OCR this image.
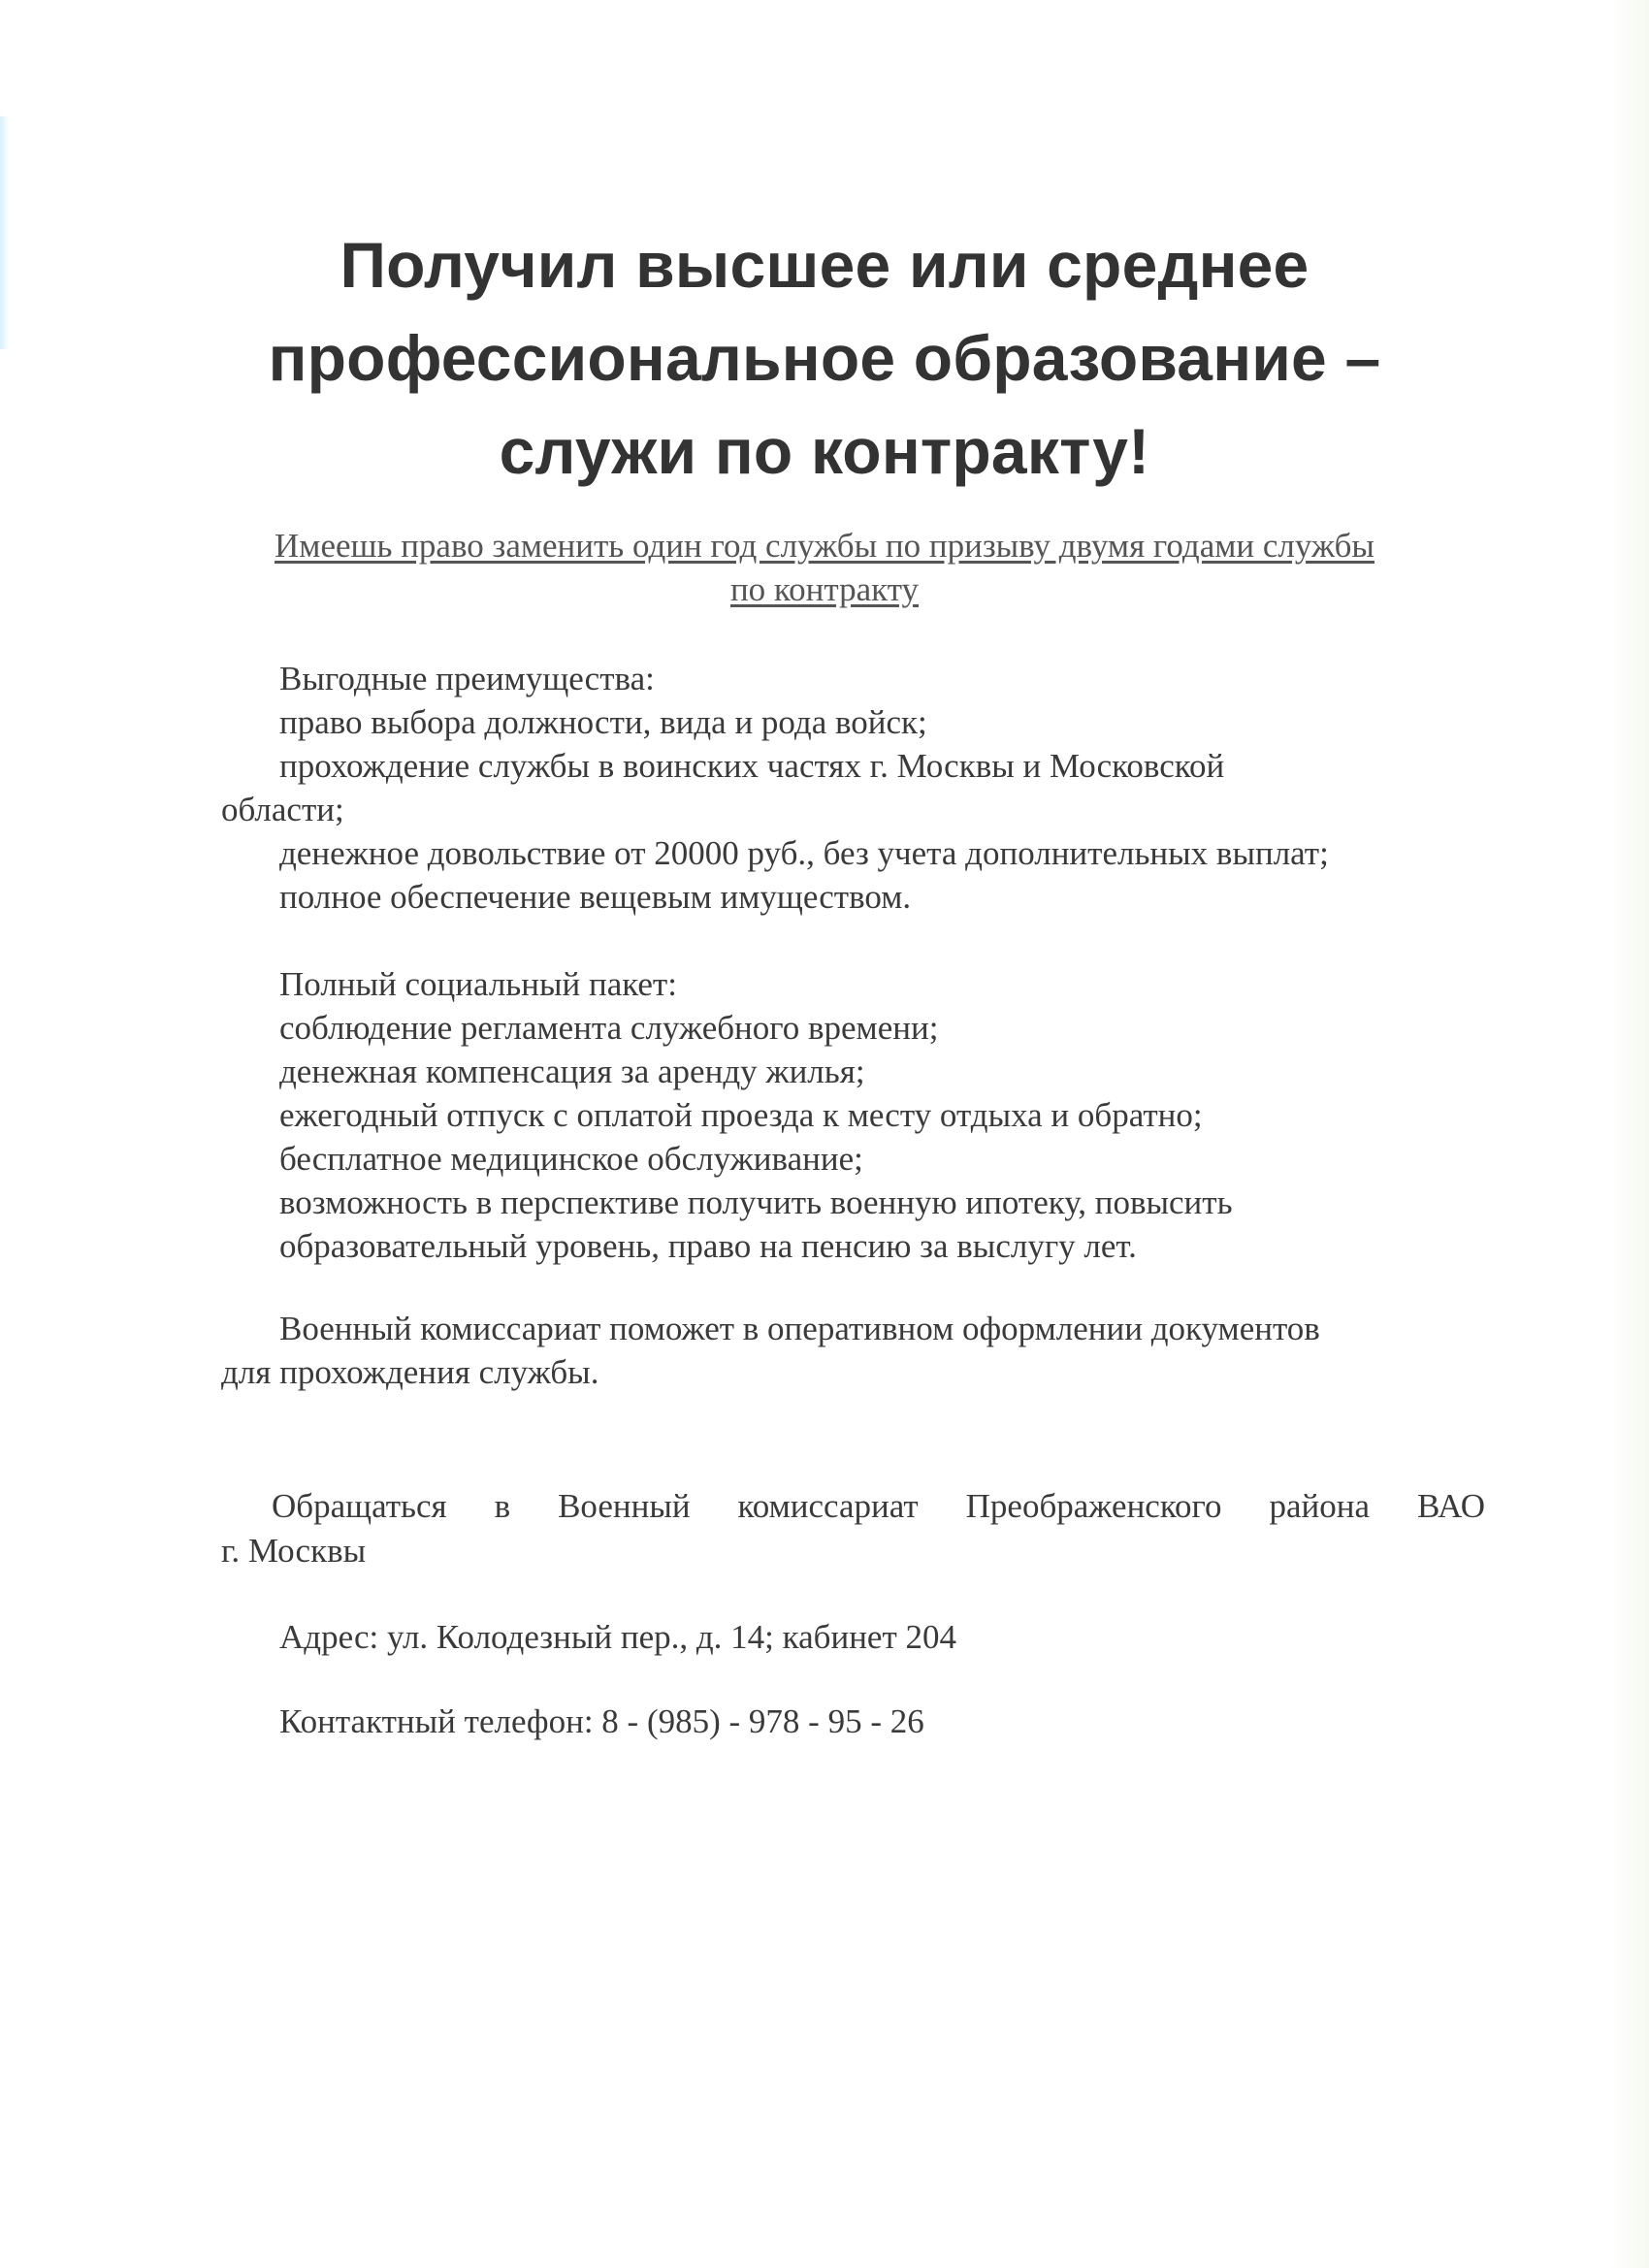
Получил высшее или среднее
профессиональное образование –
служи по контракту!
Имеешь право заменить один год службы по призыву двумя годами службы
по контракту
Выгодные преимущества:
право выбора должности, вида и рода войск;
прохождение службы в воинских частях г. Москвы и Московской
области;
денежное довольствие от 20000 руб., без учета дополнительных выплат;
полное обеспечение вещевым имуществом.
Полный социальный пакет:
соблюдение регламента служебного времени;
денежная компенсация за аренду жилья;
ежегодный отпуск с оплатой проезда к месту отдыха и обратно;
бесплатное медицинское обслуживание;
возможность в перспективе получить военную ипотеку, повысить
образовательный уровень, право на пенсию за выслугу лет.
Военный комиссариат поможет в оперативном оформлении документов
для прохождения службы.
Обращаться в Военный комиссариат Преображенского района ВАО
г. Москвы
Адрес: ул. Колодезный пер., д. 14; кабинет 204
Контактный телефон: 8 - (985) - 978 - 95 - 26
